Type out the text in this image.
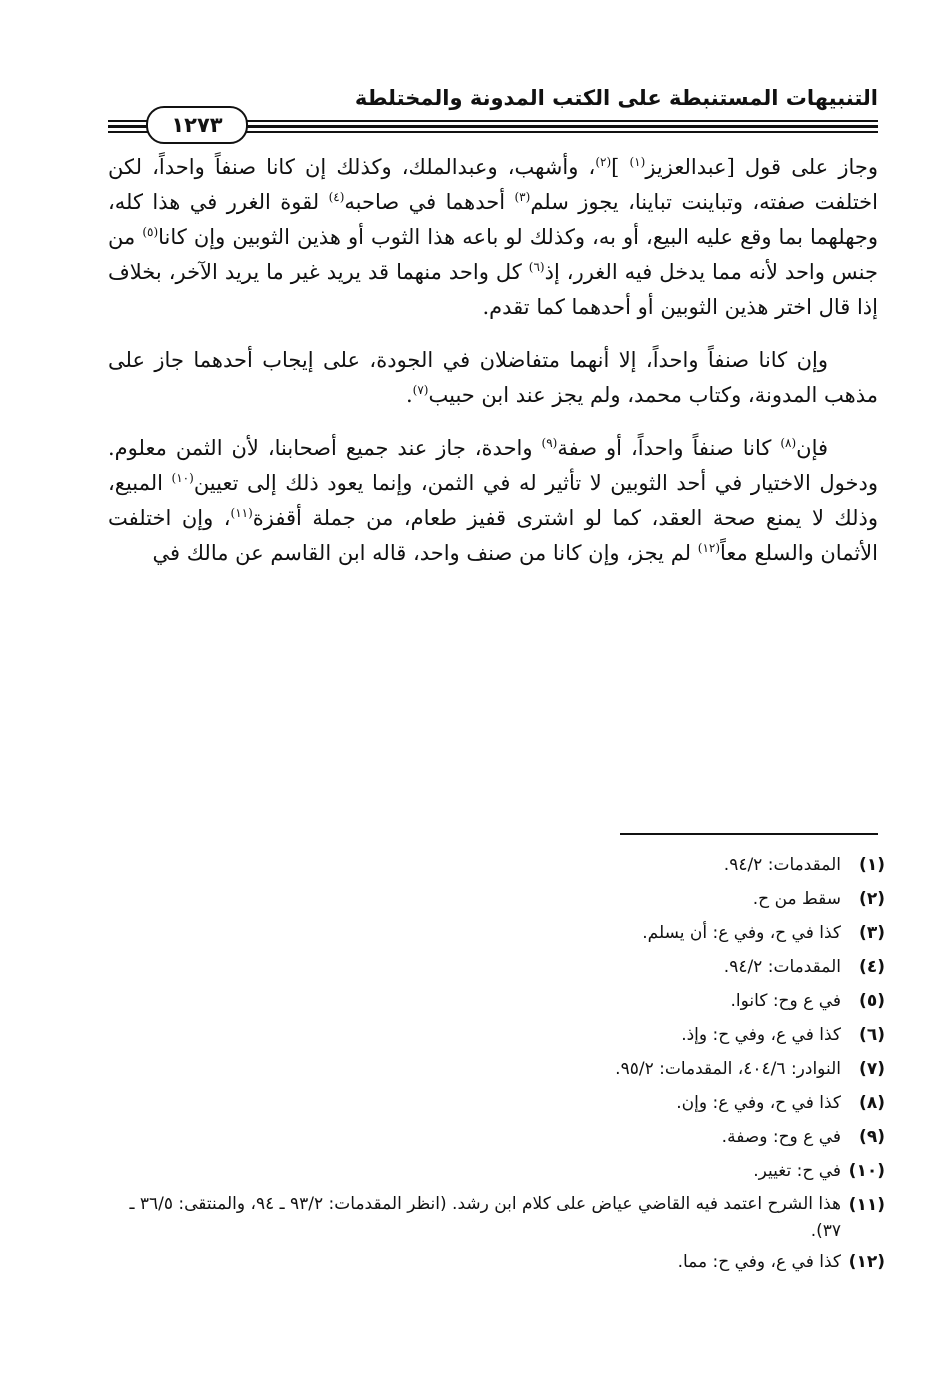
التنبيهات المستنبطة على الكتب المدونة والمختلطة
١٢٧٣

وجاز على قول [عبدالعزيز$^{(١)}$ ]$^{(٢)}$، وأشهب، وعبدالملك، وكذلك إن كانا صنفاً واحداً، لكن اختلفت صفته، وتباينت تباينا، يجوز سلم$^{(٣)}$ أحدهما في صاحبه$^{(٤)}$ لقوة الغرر في هذا كله، وجهلهما بما وقع عليه البيع، أو به، وكذلك لو باعه هذا الثوب أو هذين الثوبين وإن كانا$^{(٥)}$ من جنس واحد لأنه مما يدخل فيه الغرر، إذ$^{(٦)}$ كل واحد منهما قد يريد غير ما يريد الآخر، بخلاف إذا قال اختر هذين الثوبين أو أحدهما كما تقدم.

وإن كانا صنفاً واحداً، إلا أنهما متفاضلان في الجودة، على إيجاب أحدهما جاز على مذهب المدونة، وكتاب محمد، ولم يجز عند ابن حبيب$^{(٧)}$.

فإن$^{(٨)}$ كانا صنفاً واحداً، أو صفة$^{(٩)}$ واحدة، جاز عند جميع أصحابنا، لأن الثمن معلوم. ودخول الاختيار في أحد الثوبين لا تأثير له في الثمن، وإنما يعود ذلك إلى تعيين$^{(١٠)}$ المبيع، وذلك لا يمنع صحة العقد، كما لو اشترى قفيز طعام، من جملة أقفزة$^{(١١)}$، وإن اختلفت الأثمان والسلع معاً$^{(١٢)}$ لم يجز، وإن كانا من صنف واحد، قاله ابن القاسم عن مالك في

(١)
المقدمات: ٩٤/٢.
(٢)
سقط من ح.
(٣)
كذا في ح، وفي ع: أن يسلم.
(٤)
المقدمات: ٩٤/٢.
(٥)
في ع وح: كانوا.
(٦)
كذا في ع، وفي ح: وإذ.
(٧)
النوادر: ٤٠٤/٦، المقدمات: ٩٥/٢.
(٨)
كذا في ح، وفي ع: وإن.
(٩)
في ع وح: وصفة.
(١٠)
في ح: تغيير.
(١١)
هذا الشرح اعتمد فيه القاضي عياض على كلام ابن رشد. (انظر المقدمات: ٩٣/٢ ـ ٩٤، والمنتقى: ٣٦/٥ ـ ٣٧).
(١٢)
كذا في ع، وفي ح: مما.
